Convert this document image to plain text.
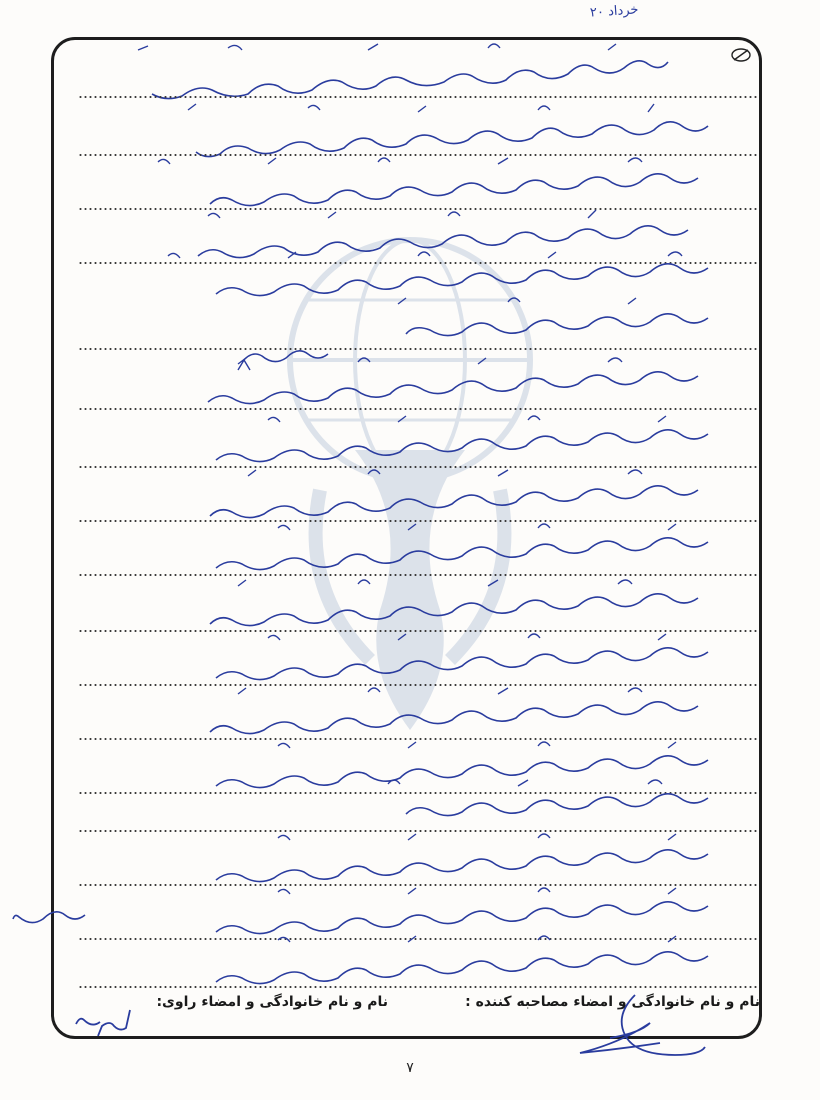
۲۰ خرداد
نام و نام خانوادگی و امضاء مصاحبه کننده :
نام و نام خانوادگی و امضاء راوی:
۷
